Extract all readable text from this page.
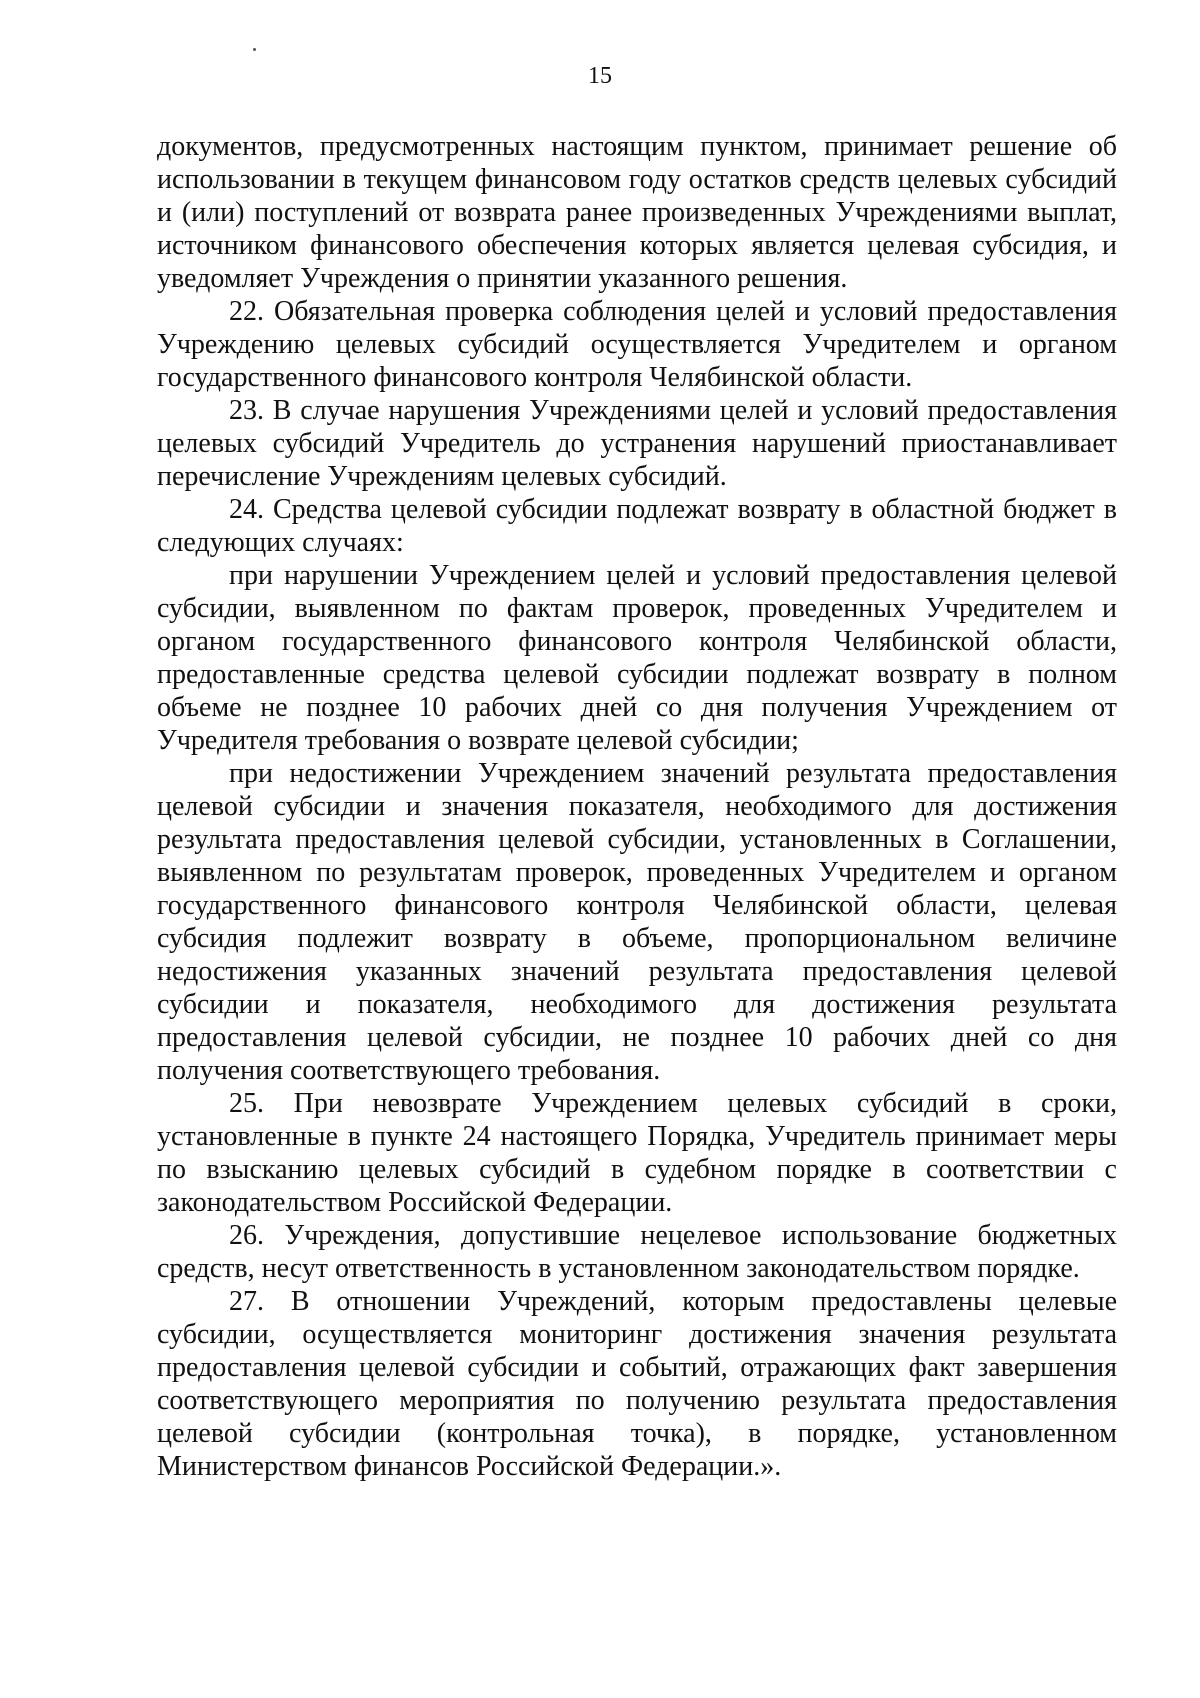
15

документов, предусмотренных настоящим пунктом, принимает решение об использовании в текущем финансовом году остатков средств целевых субсидий и (или) поступлений от возврата ранее произведенных Учреждениями выплат, источником финансового обеспечения которых является целевая субсидия, и уведомляет Учреждения о принятии указанного решения.

22. Обязательная проверка соблюдения целей и условий предоставления Учреждению целевых субсидий осуществляется Учредителем и органом государственного финансового контроля Челябинской области.

23. В случае нарушения Учреждениями целей и условий предоставления целевых субсидий Учредитель до устранения нарушений приостанавливает перечисление Учреждениям целевых субсидий.

24. Средства целевой субсидии подлежат возврату в областной бюджет в следующих случаях:

при нарушении Учреждением целей и условий предоставления целевой субсидии, выявленном по фактам проверок, проведенных Учредителем и органом государственного финансового контроля Челябинской области, предоставленные средства целевой субсидии подлежат возврату в полном объеме не позднее 10 рабочих дней со дня получения Учреждением от Учредителя требования о возврате целевой субсидии;

при недостижении Учреждением значений результата предоставления целевой субсидии и значения показателя, необходимого для достижения результата предоставления целевой субсидии, установленных в Соглашении, выявленном по результатам проверок, проведенных Учредителем и органом государственного финансового контроля Челябинской области, целевая субсидия подлежит возврату в объеме, пропорциональном величине недостижения указанных значений результата предоставления целевой субсидии и показателя, необходимого для достижения результата предоставления целевой субсидии, не позднее 10 рабочих дней со дня получения соответствующего требования.

25. При невозврате Учреждением целевых субсидий в сроки, установленные в пункте 24 настоящего Порядка, Учредитель принимает меры по взысканию целевых субсидий в судебном порядке в соответствии с законодательством Российской Федерации.

26. Учреждения, допустившие нецелевое использование бюджетных средств, несут ответственность в установленном законодательством порядке.

27. В отношении Учреждений, которым предоставлены целевые субсидии, осуществляется мониторинг достижения значения результата предоставления целевой субсидии и событий, отражающих факт завершения соответствующего мероприятия по получению результата предоставления целевой субсидии (контрольная точка), в порядке, установленном Министерством финансов Российской Федерации.».
